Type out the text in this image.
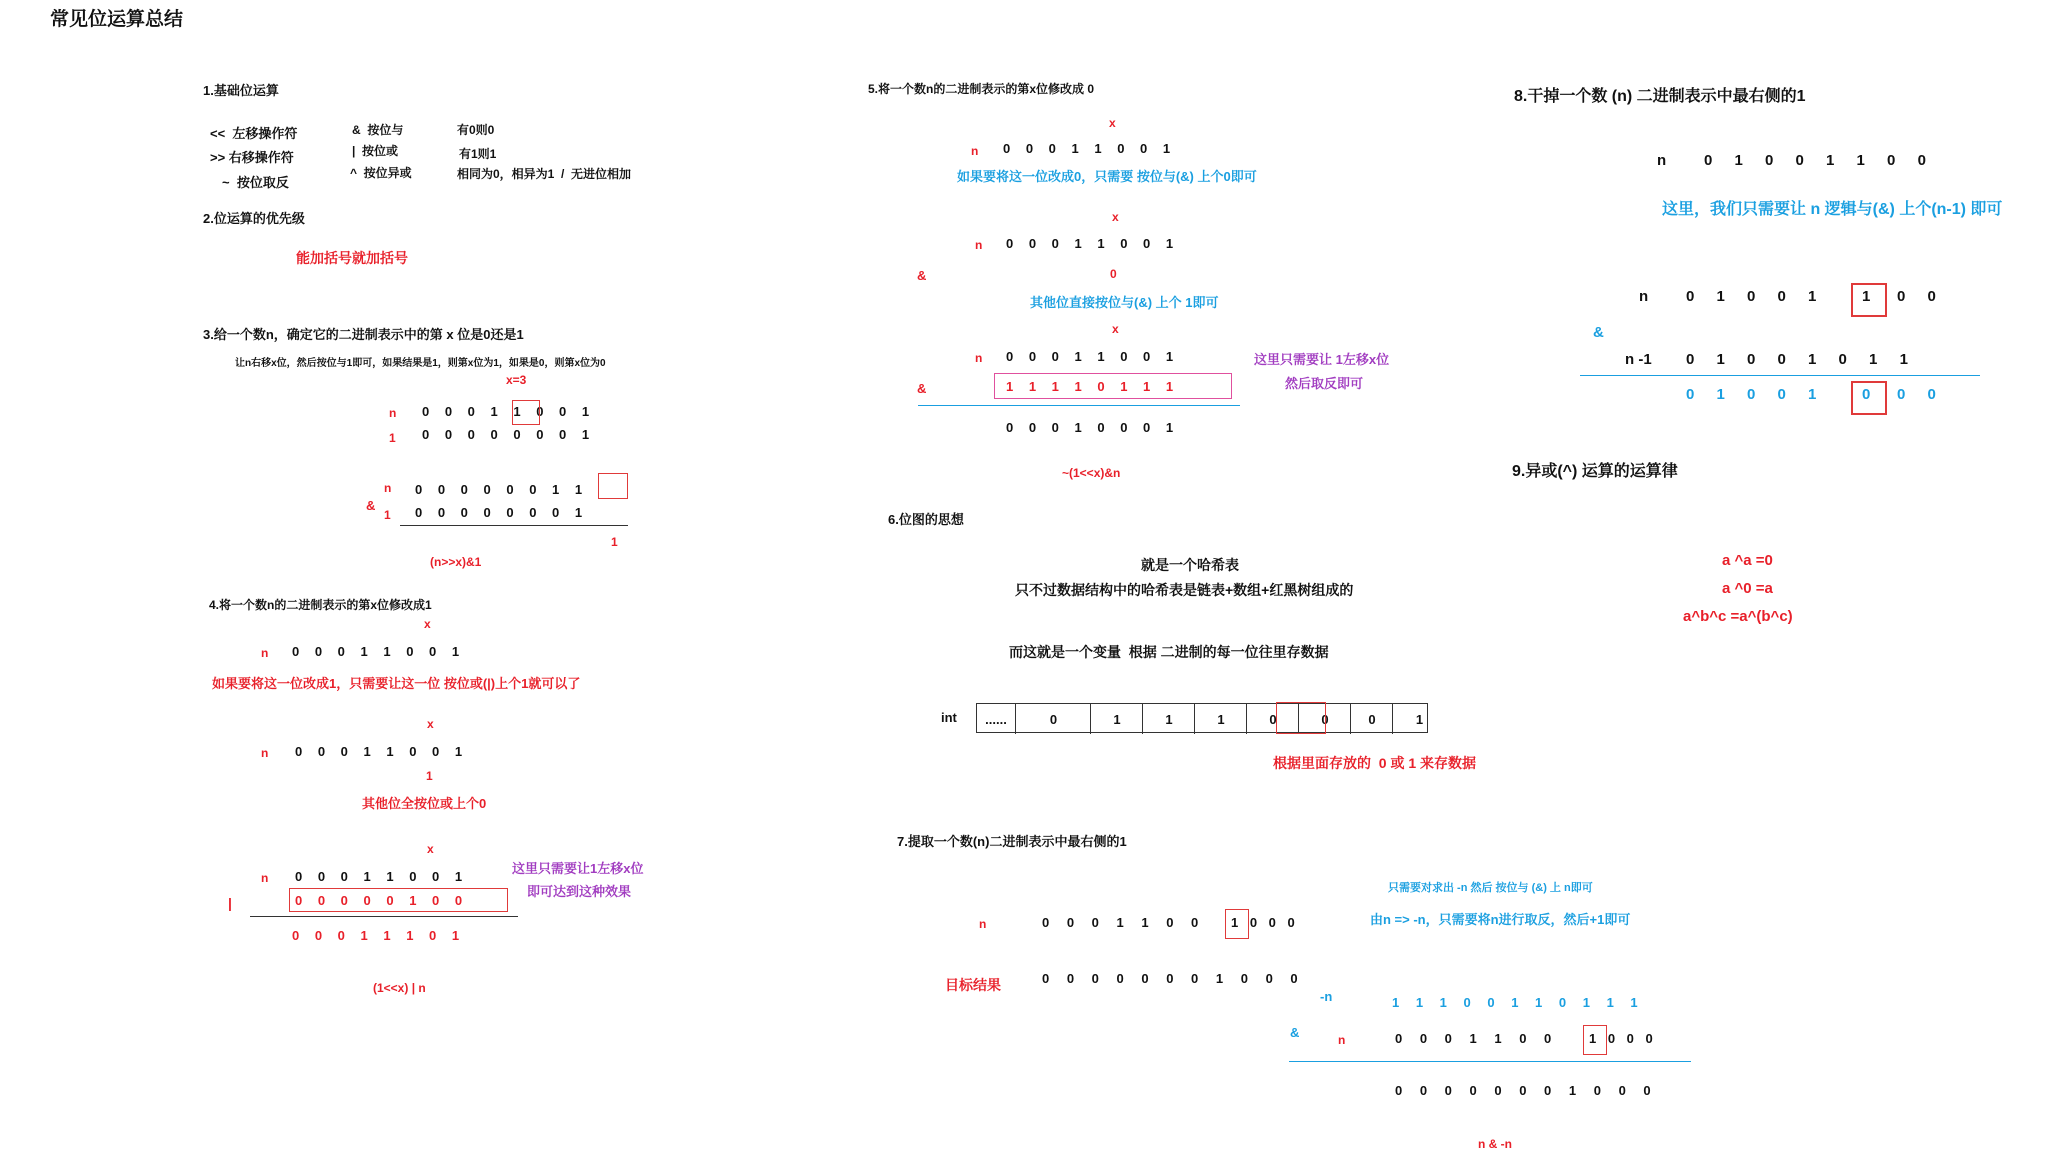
常见位运算总结
1.基础位运算
<<  左移操作符
>> 右移操作符
~  按位取反
&  按位与
|  按位或
^  按位异或
有0则0
有1则1
相同为0，相异为1  /  无进位相加
2.位运算的优先级
能加括号就加括号
3.给一个数n，确定它的二进制表示中的第 x 位是0还是1
让n右移x位，然后按位与1即可，如果结果是1，则第x位为1，如果是0，则第x位为0
x=3
n 0 0 0 1 1 0 0 1
1 0 0 0 0 0 0 0 1
n 0 0 0 0 0 0 1 1
&
1 0 0 0 0 0 0 0 1
1
(n>>x)&1
4.将一个数n的二进制表示的第x位修改成1
x
n 0 0 0 1 1 0 0 1
如果要将这一位改成1，只需要让这一位 按位或(|)上个1就可以了
x
n 0 0 0 1 1 0 0 1
1
其他位全按位或上个0
x
n 0 0 0 1 1 0 0 1
|	0 0 0 0 0 1 0 0
0 0 0 1 1 1 0 1
这里只需要让1左移x位
即可达到这种效果
(1<<x) | n
5.将一个数n的二进制表示的第x位修改成 0
x
n 0 0 0 1 1 0 0 1
如果要将这一位改成0，只需要 按位与(&) 上个0即可
x
n 0 0 0 1 1 0 0 1
&	0
其他位直接按位与(&) 上个 1即可
x
n 0 0 0 1 1 0 0 1
&	1 1 1 1 0 1 1 1
0 0 0 1 0 0 0 1
这里只需要让 1左移x位
然后取反即可
~(1<<x)&n
6.位图的思想
就是一个哈希表
只不过数据结构中的哈希表是链表+数组+红黑树组成的
而这就是一个变量  根据 二进制的每一位往里存数据
int	......	0	1	1	1	0	0	0	1
根据里面存放的  0 或 1 来存数据
7.提取一个数(n)二进制表示中最右侧的1
只需要对求出 -n 然后 按位与 (&) 上 n即可
由n => -n，只需要将n进行取反，然后+1即可
n	0 0 0 1 1 0 0	1 0 0 0
目标结果	0 0 0 0 0 0 0 1 0 0 0
-n	1 1 1 0 0 1 1 0 1 1 1
&	n	0 0 0 1 1 0 0	1 0 0 0
0 0 0 0 0 0 0 1 0 0 0
n & -n
8.干掉一个数 (n) 二进制表示中最右侧的1
n	0 1 0 0 1 1 0 0
这里，我们只需要让 n 逻辑与(&) 上个(n-1) 即可
n	0 1 0 0 1	1 0 0
&
n -1 0 1 0 0 1 0 1 1
0 1 0 0 1	0 0 0
9.异或(^) 运算的运算律
a ^a =0
a ^0 =a
a^b^c =a^(b^c)
